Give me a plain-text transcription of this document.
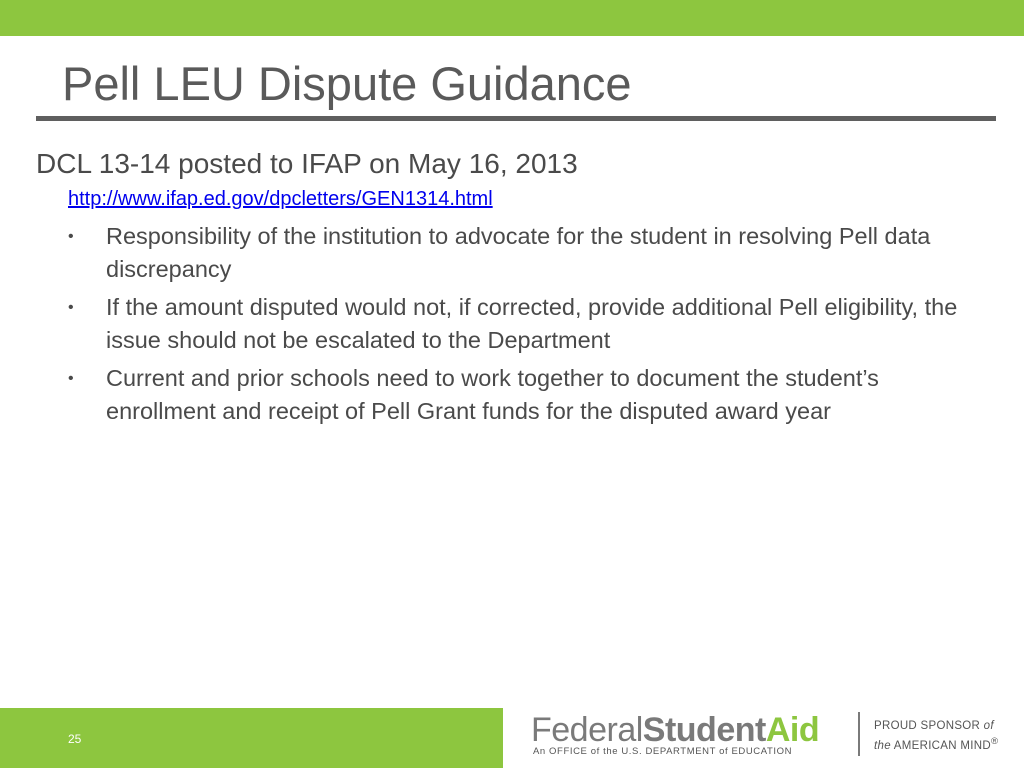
Pell LEU Dispute Guidance
DCL 13-14 posted to IFAP on May 16, 2013
http://www.ifap.ed.gov/dpcletters/GEN1314.html
• Responsibility of the institution to advocate for the student in resolving Pell data discrepancy
• If the amount disputed would not, if corrected, provide additional Pell eligibility, the issue should not be escalated to the Department
• Current and prior schools need to work together to document the student’s enrollment and receipt of Pell Grant funds for the disputed award year
25	FederalStudentAid
An OFFICE of the U.S. DEPARTMENT of EDUCATION
PROUD SPONSOR of
the AMERICAN MIND®
